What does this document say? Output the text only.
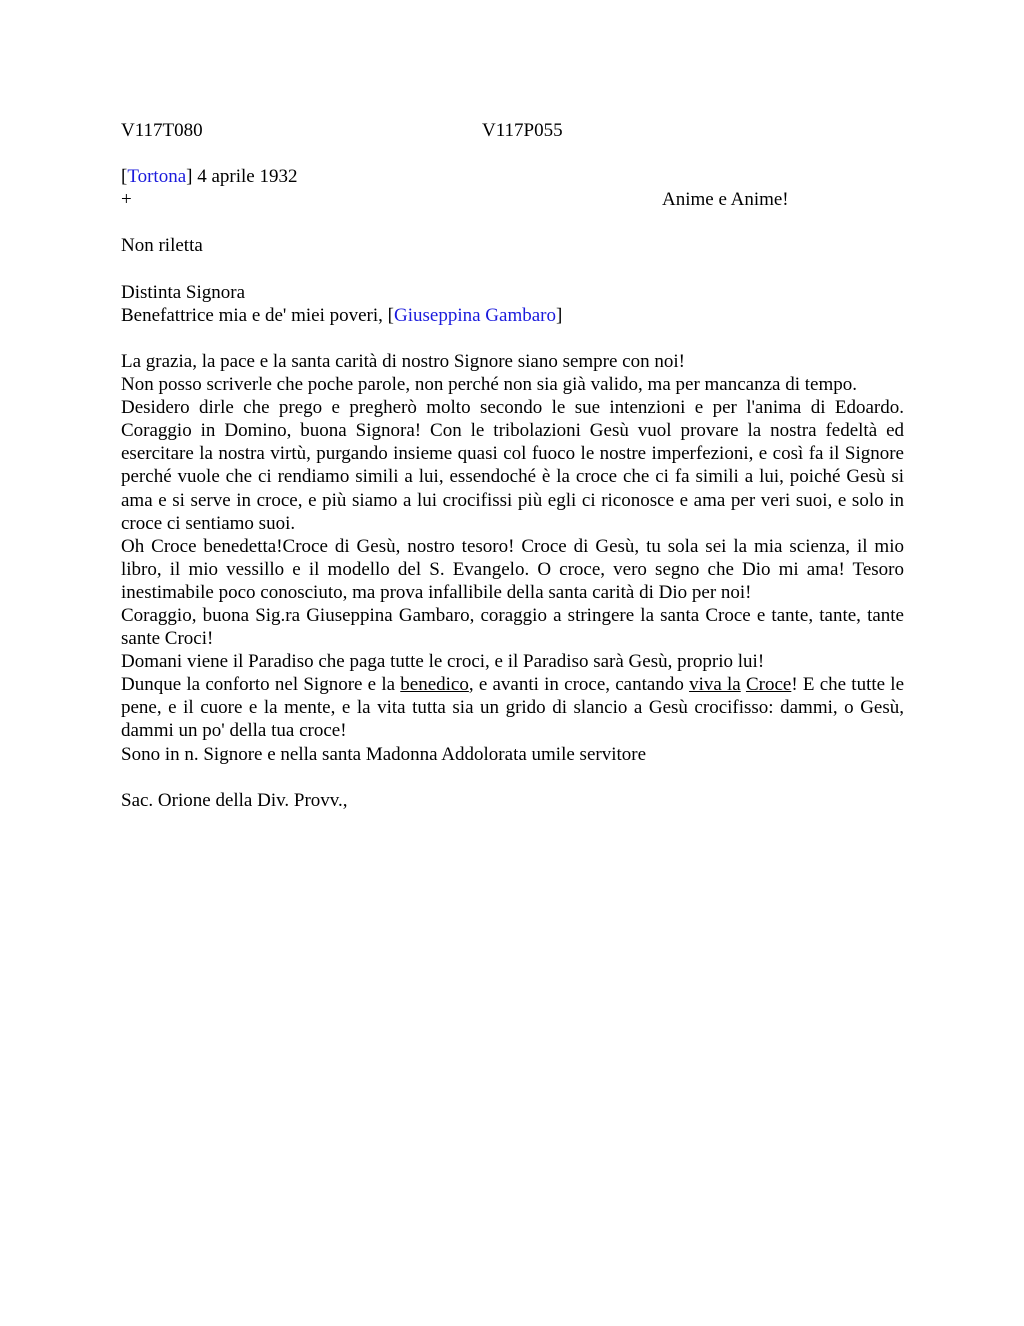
V117T080	V117P055
[Tortona] 4 aprile 1932
+	Anime e Anime!
Non riletta
Distinta Signora
Benefattrice mia e de' miei poveri, [Giuseppina Gambaro]
La grazia, la pace e la santa carità di nostro Signore siano sempre con noi!
Non posso scriverle che poche parole, non perché non sia già valido, ma per mancanza di tempo.
Desidero dirle che prego e pregherò molto secondo le sue intenzioni e per l'anima di Edoardo. Coraggio in Domino, buona Signora! Con le tribolazioni Gesù vuol provare la nostra fedeltà ed esercitare la nostra virtù, purgando insieme quasi col fuoco le nostre imperfezioni, e così fa il Signore perché vuole che ci rendiamo simili a lui, essendoché è la croce che ci fa simili a lui, poiché Gesù si ama e si serve in croce, e più siamo a lui crocifissi più egli ci riconosce e ama per veri suoi, e solo in croce ci sentiamo suoi.
Oh Croce benedetta!Croce di Gesù, nostro tesoro! Croce di Gesù, tu sola sei la mia scienza, il mio libro, il mio vessillo e il modello del S. Evangelo. O croce, vero segno che Dio mi ama! Tesoro inestimabile poco conosciuto, ma prova infallibile della santa carità di Dio per noi!
Coraggio, buona Sig.ra Giuseppina Gambaro, coraggio a stringere la santa Croce e tante, tante, tante sante Croci!
Domani viene il Paradiso che paga tutte le croci, e il Paradiso sarà Gesù, proprio lui!
Dunque la conforto nel Signore e la benedico, e avanti in croce, cantando viva la Croce! E che tutte le pene, e il cuore e la mente, e la vita tutta sia un grido di slancio a Gesù crocifisso: dammi, o Gesù, dammi un po' della tua croce!
Sono in n. Signore e nella santa Madonna Addolorata umile servitore
Sac. Orione della Div. Provv.,
